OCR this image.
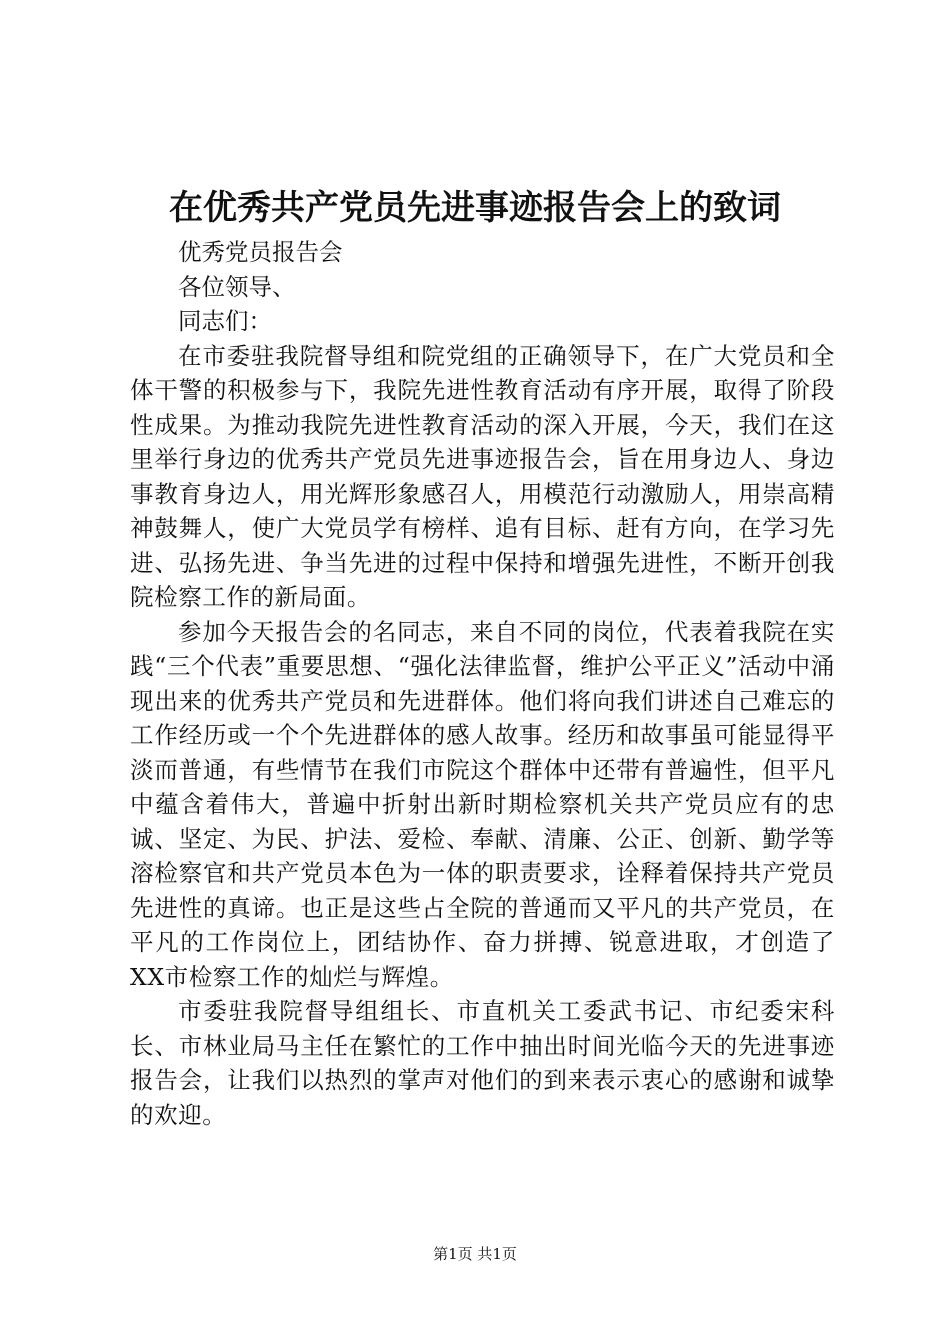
在优秀共产党员先进事迹报告会上的致词

优秀党员报告会

各位领导、

同志们：

在市委驻我院督导组和院党组的正确领导下，在广大党员和全体干警的积极参与下，我院先进性教育活动有序开展，取得了阶段性成果。为推动我院先进性教育活动的深入开展，今天，我们在这里举行身边的优秀共产党员先进事迹报告会，旨在用身边人、身边事教育身边人，用光辉形象感召人，用模范行动激励人，用崇高精神鼓舞人，使广大党员学有榜样、追有目标、赶有方向，在学习先进、弘扬先进、争当先进的过程中保持和增强先进性，不断开创我院检察工作的新局面。

参加今天报告会的名同志，来自不同的岗位，代表着我院在实践“三个代表”重要思想、“强化法律监督，维护公平正义”活动中涌现出来的优秀共产党员和先进群体。他们将向我们讲述自己难忘的工作经历或一个个先进群体的感人故事。经历和故事虽可能显得平淡而普通，有些情节在我们市院这个群体中还带有普遍性，但平凡中蕴含着伟大，普遍中折射出新时期检察机关共产党员应有的忠诚、坚定、为民、护法、爱检、奉献、清廉、公正、创新、勤学等溶检察官和共产党员本色为一体的职责要求，诠释着保持共产党员先进性的真谛。也正是这些占全院的普通而又平凡的共产党员，在平凡的工作岗位上，团结协作、奋力拼搏、锐意进取，才创造了XX市检察工作的灿烂与辉煌。

市委驻我院督导组组长、市直机关工委武书记、市纪委宋科长、市林业局马主任在繁忙的工作中抽出时间光临今天的先进事迹报告会，让我们以热烈的掌声对他们的到来表示衷心的感谢和诚挚的欢迎。

第1页 共1页
